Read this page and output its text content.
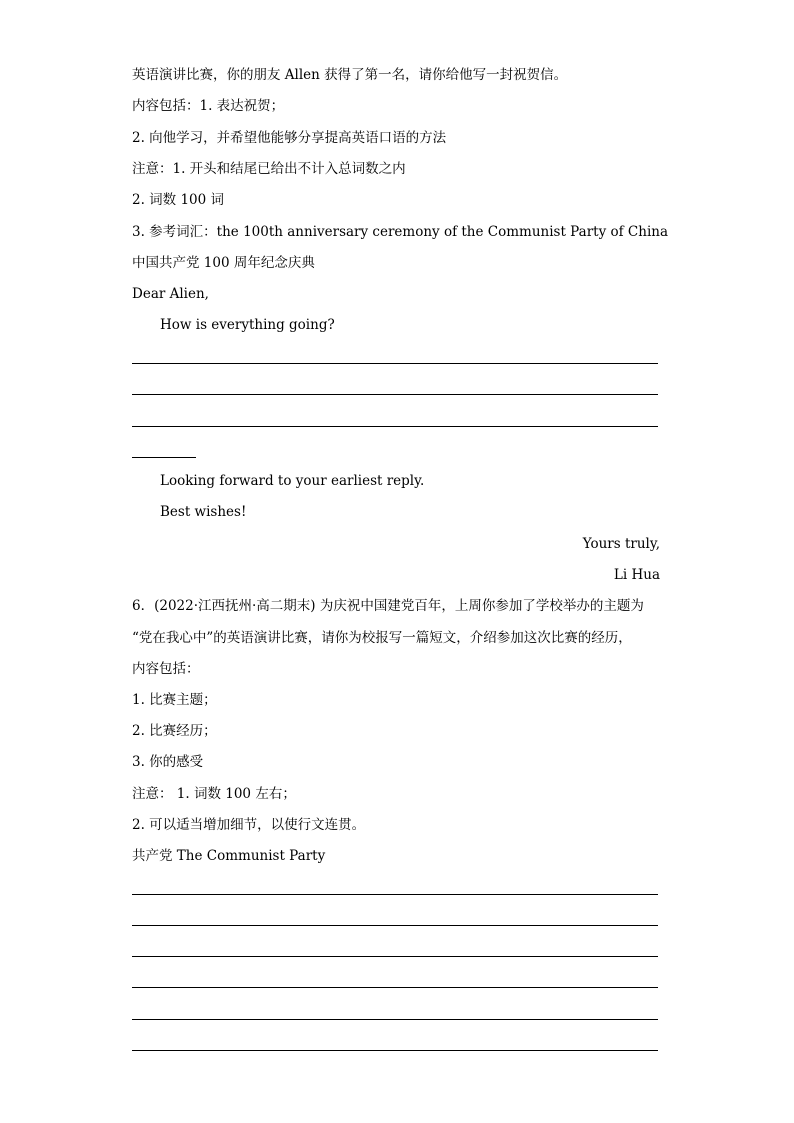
英语演讲比赛，你的朋友 Allen 获得了第一名，请你给他写一封祝贺信。
内容包括：1. 表达祝贺；
2. 向他学习，并希望他能够分享提高英语口语的方法
注意：1. 开头和结尾已给出不计入总词数之内
2. 词数 100 词
3. 参考词汇：the 100th anniversary ceremony of the Communist Party of China
中国共产党 100 周年纪念庆典
Dear Alien,
How is everything going?
Looking forward to your earliest reply.
Best wishes!
Yours truly,
Li Hua
6．(2022·江西抚州·高二期末) 为庆祝中国建党百年，上周你参加了学校举办的主题为
“党在我心中”的英语演讲比赛，请你为校报写一篇短文，介绍参加这次比赛的经历，
内容包括：
1. 比赛主题；
2. 比赛经历；
3. 你的感受
注意： 1. 词数 100 左右；
2. 可以适当增加细节，以使行文连贯。
共产党 The Communist Party
